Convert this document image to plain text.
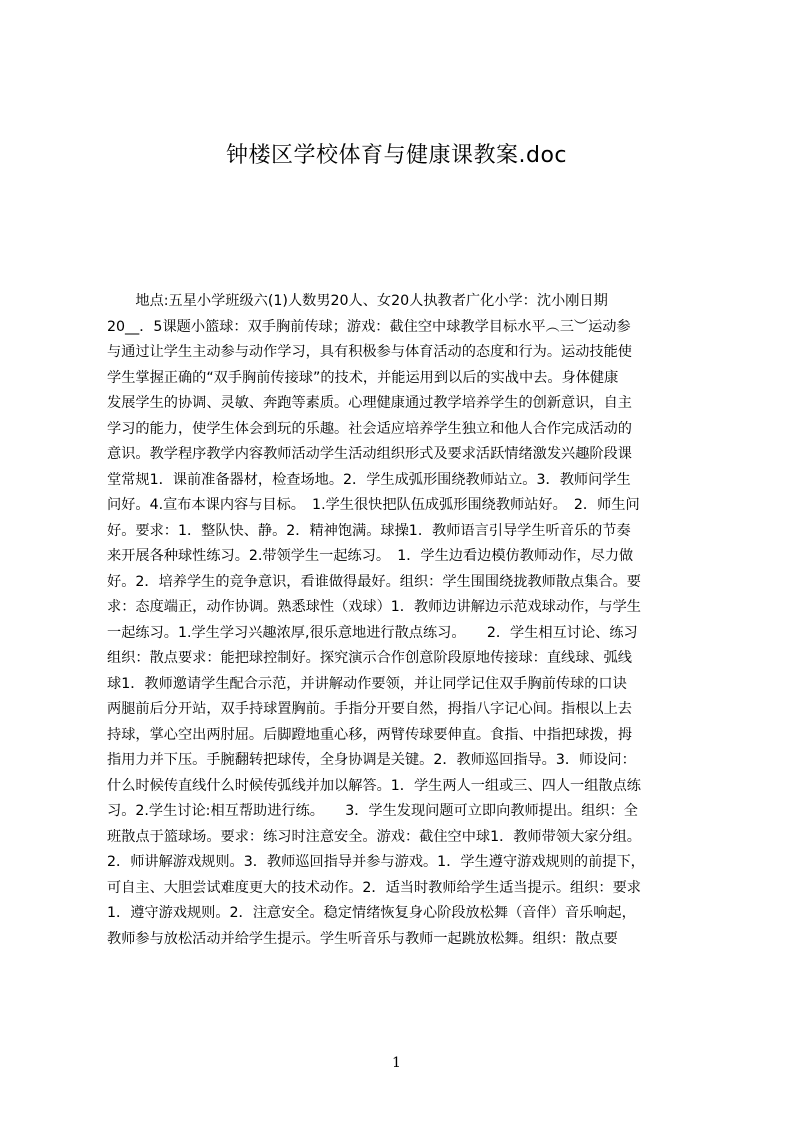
钟楼区学校体育与健康课教案.doc
　　地点:五星小学班级六(1)人数男20人、女20人执教者广化小学：沈小刚日期
20__．5课题小篮球：双手胸前传球；游戏：截住空中球教学目标水平︵三︶运动参
与通过让学生主动参与动作学习，具有积极参与体育活动的态度和行为。运动技能使
学生掌握正确的“双手胸前传接球”的技术，并能运用到以后的实战中去。身体健康
发展学生的协调、灵敏、奔跑等素质。心理健康通过教学培养学生的创新意识，自主
学习的能力，使学生体会到玩的乐趣。社会适应培养学生独立和他人合作完成活动的
意识。教学程序教学内容教师活动学生活动组织形式及要求活跃情绪激发兴趣阶段课
堂常规1．课前准备器材，检查场地。2．学生成弧形围绕教师站立。3．教师问学生
问好。4.宣布本课内容与目标。　1.学生很快把队伍成弧形围绕教师站好。　2．师生问
好。要求：1．整队快、静。2．精神饱满。球操1．教师语言引导学生听音乐的节奏
来开展各种球性练习。2.带领学生一起练习。　1．学生边看边模仿教师动作，尽力做
好。2．培养学生的竞争意识，看谁做得最好。组织：学生围围绕拢教师散点集合。要
求：态度端正，动作协调。熟悉球性（戏球）1．教师边讲解边示范戏球动作，与学生
一起练习。1.学生学习兴趣浓厚,很乐意地进行散点练习。　　2．学生相互讨论、练习
组织：散点要求：能把球控制好。探究演示合作创意阶段原地传接球：直线球、弧线
球1．教师邀请学生配合示范，并讲解动作要领，并让同学记住双手胸前传球的口诀
两腿前后分开站，双手持球置胸前。手指分开要自然，拇指八字记心间。指根以上去
持球，掌心空出两肘屈。后脚蹬地重心移，两臂传球要伸直。食指、中指把球拨，拇
指用力并下压。手腕翻转把球传，全身协调是关键。2．教师巡回指导。3．师设问：
什么时候传直线什么时候传弧线并加以解答。1．学生两人一组或三、四人一组散点练
习。2.学生讨论:相互帮助进行练。　　3．学生发现问题可立即向教师提出。组织：全
班散点于篮球场。要求：练习时注意安全。游戏：截住空中球1．教师带领大家分组。
2．师讲解游戏规则。3．教师巡回指导并参与游戏。1．学生遵守游戏规则的前提下，
可自主、大胆尝试难度更大的技术动作。2．适当时教师给学生适当提示。组织：要求
1．遵守游戏规则。2．注意安全。稳定情绪恢复身心阶段放松舞（音伴）音乐响起，
教师参与放松活动并给学生提示。学生听音乐与教师一起跳放松舞。组织：散点要
1
